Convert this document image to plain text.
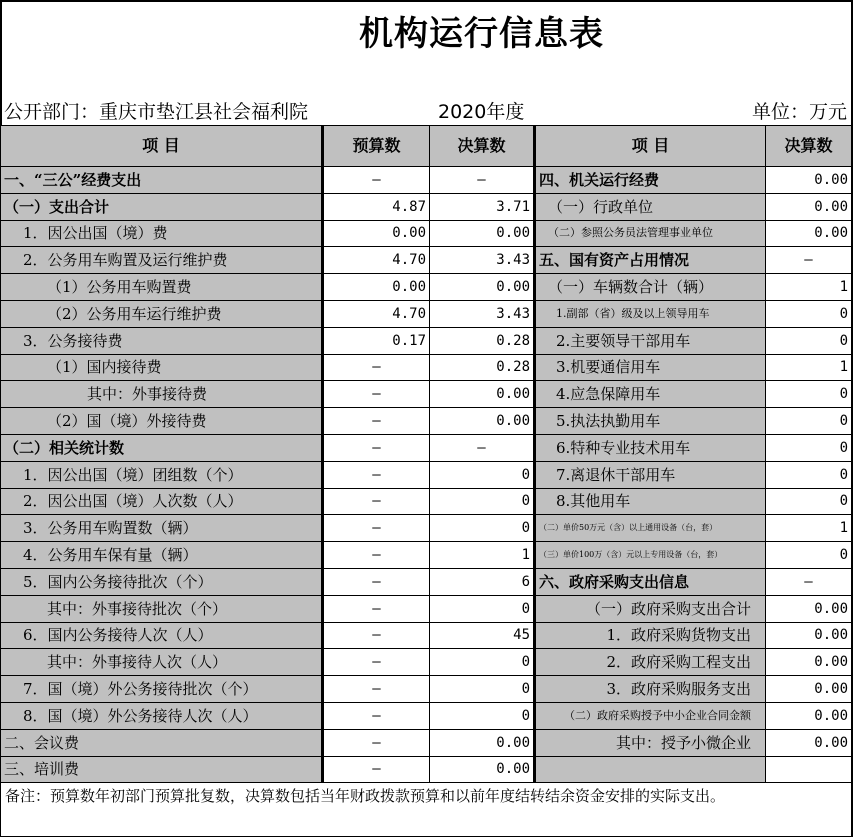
机构运行信息表
公开部门：重庆市垫江县社会福利院	2020年度	单位：万元
项 目	预算数	决算数	项 目	决算数
一、“三公”经费支出	—	—	四、机关运行经费	0.00
（一）支出合计	4.87	3.71	（一）行政单位	0.00
1．因公出国（境）费	0.00	0.00	（二）参照公务员法管理事业单位	0.00
2．公务用车购置及运行维护费	4.70	3.43	五、国有资产占用情况	—
（1）公务用车购置费	0.00	0.00	（一）车辆数合计（辆）	1
（2）公务用车运行维护费	4.70	3.43	1.副部（省）级及以上领导用车	0
3．公务接待费	0.17	0.28	2.主要领导干部用车	0
（1）国内接待费	—	0.28	3.机要通信用车	1
其中：外事接待费	—	0.00	4.应急保障用车	0
（2）国（境）外接待费	—	0.00	5.执法执勤用车	0
（二）相关统计数	—	—	6.特种专业技术用车	0
1．因公出国（境）团组数（个）	—	0	7.离退休干部用车	0
2．因公出国（境）人次数（人）	—	0	8.其他用车	0
3．公务用车购置数（辆）	—	0	（二）单价50万元（含）以上通用设备（台，套）	1
4．公务用车保有量（辆）	—	1	（三）单价100万（含）元以上专用设备（台，套）	0
5．国内公务接待批次（个）	—	6	六、政府采购支出信息	—
其中：外事接待批次（个）	—	0	（一）政府采购支出合计	0.00
6．国内公务接待人次（人）	—	45	1．政府采购货物支出	0.00
其中：外事接待人次（人）	—	0	2．政府采购工程支出	0.00
7．国（境）外公务接待批次（个）	—	0	3．政府采购服务支出	0.00
8．国（境）外公务接待人次（人）	—	0	（二）政府采购授予中小企业合同金额	0.00
二、会议费	—	0.00	其中：授予小微企业	0.00
三、培训费	—	0.00		
备注：预算数年初部门预算批复数，决算数包括当年财政拨款预算和以前年度结转结余资金安排的实际支出。				
